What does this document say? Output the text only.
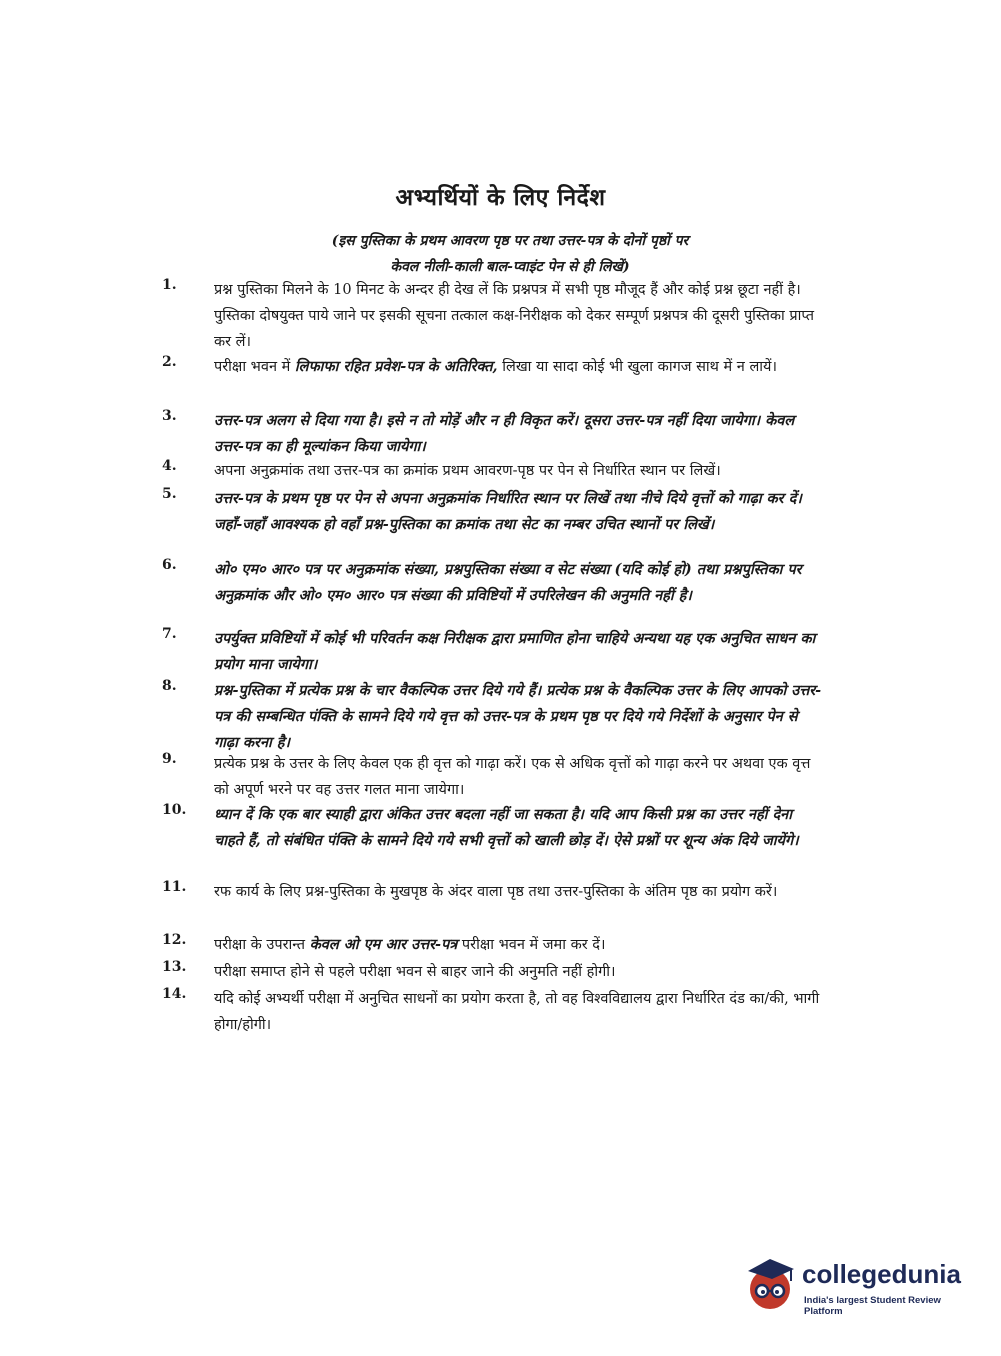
अभ्यर्थियों के लिए निर्देश
(इस पुस्तिका के प्रथम आवरण पृष्ठ पर तथा उत्तर-पत्र के दोनों पृष्ठों पर
केवल नीली-काली बाल-प्वाइंट पेन से ही लिखें)
1.	प्रश्न पुस्तिका मिलने के 10 मिनट के अन्दर ही देख लें कि प्रश्नपत्र में सभी पृष्ठ मौजूद हैं और कोई प्रश्न छूटा नहीं है। पुस्तिका दोषयुक्त पाये जाने पर इसकी सूचना तत्काल कक्ष-निरीक्षक को देकर सम्पूर्ण प्रश्नपत्र की दूसरी पुस्तिका प्राप्त कर लें।
2.	परीक्षा भवन में लिफाफा रहित प्रवेश-पत्र के अतिरिक्त, लिखा या सादा कोई भी खुला कागज साथ में न लायें।
3.	उत्तर-पत्र अलग से दिया गया है। इसे न तो मोड़ें और न ही विकृत करें। दूसरा उत्तर-पत्र नहीं दिया जायेगा। केवल उत्तर-पत्र का ही मूल्यांकन किया जायेगा।
4.	अपना अनुक्रमांक तथा उत्तर-पत्र का क्रमांक प्रथम आवरण-पृष्ठ पर पेन से निर्धारित स्थान पर लिखें।
5.	उत्तर-पत्र के प्रथम पृष्ठ पर पेन से अपना अनुक्रमांक निर्धारित स्थान पर लिखें तथा नीचे दिये वृत्तों को गाढ़ा कर दें। जहाँ-जहाँ आवश्यक हो वहाँ प्रश्न-पुस्तिका का क्रमांक तथा सेट का नम्बर उचित स्थानों पर लिखें।
6.	ओ० एम० आर० पत्र पर अनुक्रमांक संख्या, प्रश्नपुस्तिका संख्या व सेट संख्या (यदि कोई हो) तथा प्रश्नपुस्तिका पर अनुक्रमांक और ओ० एम० आर० पत्र संख्या की प्रविष्टियों में उपरिलेखन की अनुमति नहीं है।
7.	उपर्युक्त प्रविष्टियों में कोई भी परिवर्तन कक्ष निरीक्षक द्वारा प्रमाणित होना चाहिये अन्यथा यह एक अनुचित साधन का प्रयोग माना जायेगा।
8.	प्रश्न-पुस्तिका में प्रत्येक प्रश्न के चार वैकल्पिक उत्तर दिये गये हैं। प्रत्येक प्रश्न के वैकल्पिक उत्तर के लिए आपको उत्तर-पत्र की सम्बन्धित पंक्ति के सामने दिये गये वृत्त को उत्तर-पत्र के प्रथम पृष्ठ पर दिये गये निर्देशों के अनुसार पेन से गाढ़ा करना है।
9.	प्रत्येक प्रश्न के उत्तर के लिए केवल एक ही वृत्त को गाढ़ा करें। एक से अधिक वृत्तों को गाढ़ा करने पर अथवा एक वृत्त को अपूर्ण भरने पर वह उत्तर गलत माना जायेगा।
10.	ध्यान दें कि एक बार स्याही द्वारा अंकित उत्तर बदला नहीं जा सकता है। यदि आप किसी प्रश्न का उत्तर नहीं देना चाहते हैं, तो संबंधित पंक्ति के सामने दिये गये सभी वृत्तों को खाली छोड़ दें। ऐसे प्रश्नों पर शून्य अंक दिये जायेंगे।
11.	रफ कार्य के लिए प्रश्न-पुस्तिका के मुखपृष्ठ के अंदर वाला पृष्ठ तथा उत्तर-पुस्तिका के अंतिम पृष्ठ का प्रयोग करें।
12.	परीक्षा के उपरान्त केवल ओ एम आर उत्तर-पत्र परीक्षा भवन में जमा कर दें।
13.	परीक्षा समाप्त होने से पहले परीक्षा भवन से बाहर जाने की अनुमति नहीं होगी।
14.	यदि कोई अभ्यर्थी परीक्षा में अनुचित साधनों का प्रयोग करता है, तो वह विश्वविद्यालय द्वारा निर्धारित दंड का/की, भागी होगा/होगी।
collegedunia
India's largest Student Review Platform
